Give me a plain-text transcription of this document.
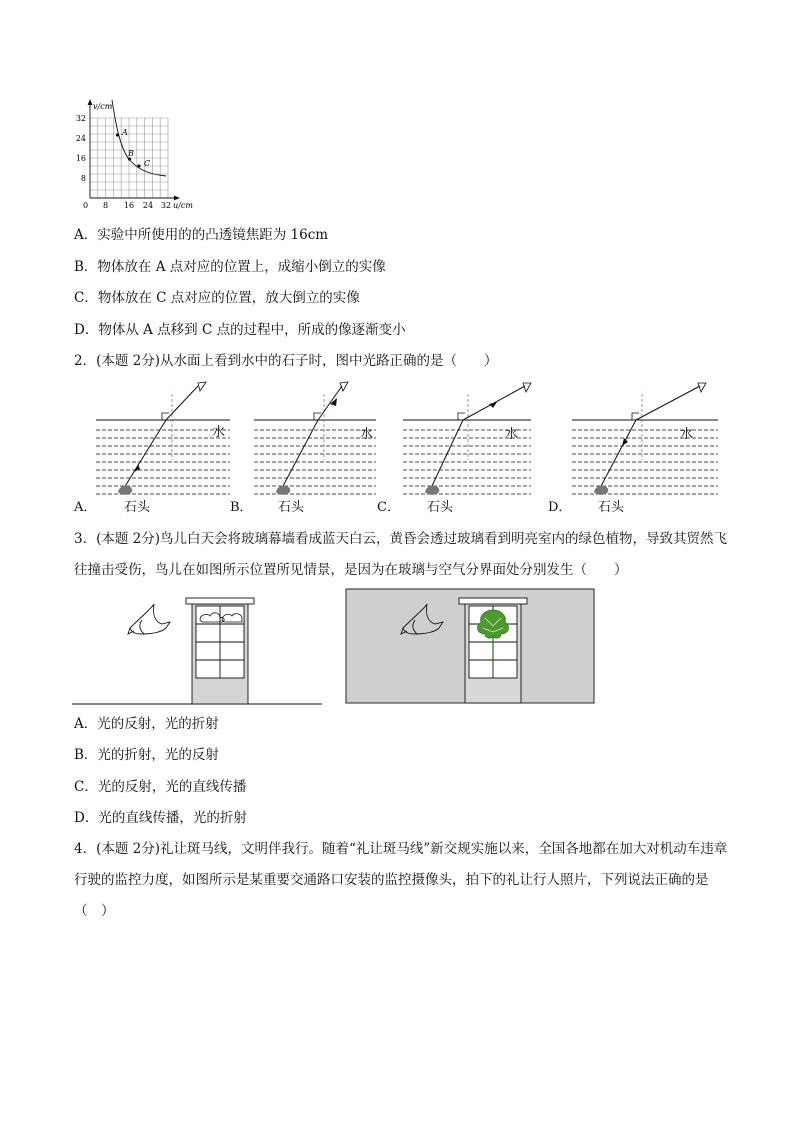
A
B
C
v/cm
u/cm
0
32
24
16
8
8 16 24 32
A．实验中所使用的的凸透镜焦距为 16cm
B．物体放在 A 点对应的位置上，成缩小倒立的实像
C．物体放在 C 点对应的位置，放大倒立的实像
D．物体从 A 点移到 C 点的过程中，所成的像逐渐变小
2．(本题 2分)从水面上看到水中的石子时，图中光路正确的是（　　）
A．
水
石头	B．
水
石头	C．
水
石头	D．
水
石头
3．(本题 2分)鸟儿白天会将玻璃幕墙看成蓝天白云，黄昏会透过玻璃看到明亮室内的绿色植物，导致其贸然飞往撞击受伤，鸟儿在如图所示位置所见情景，是因为在玻璃与空气分界面处分别发生（　　）
A．光的反射，光的折射
B．光的折射，光的反射
C．光的反射，光的直线传播
D．光的直线传播，光的折射
4．(本题 2分)礼让斑马线，文明伴我行。随着“礼让斑马线”新交规实施以来，全国各地都在加大对机动车违章行驶的监控力度，如图所示是某重要交通路口安装的监控摄像头，拍下的礼让行人照片，下列说法正确的是（　）
